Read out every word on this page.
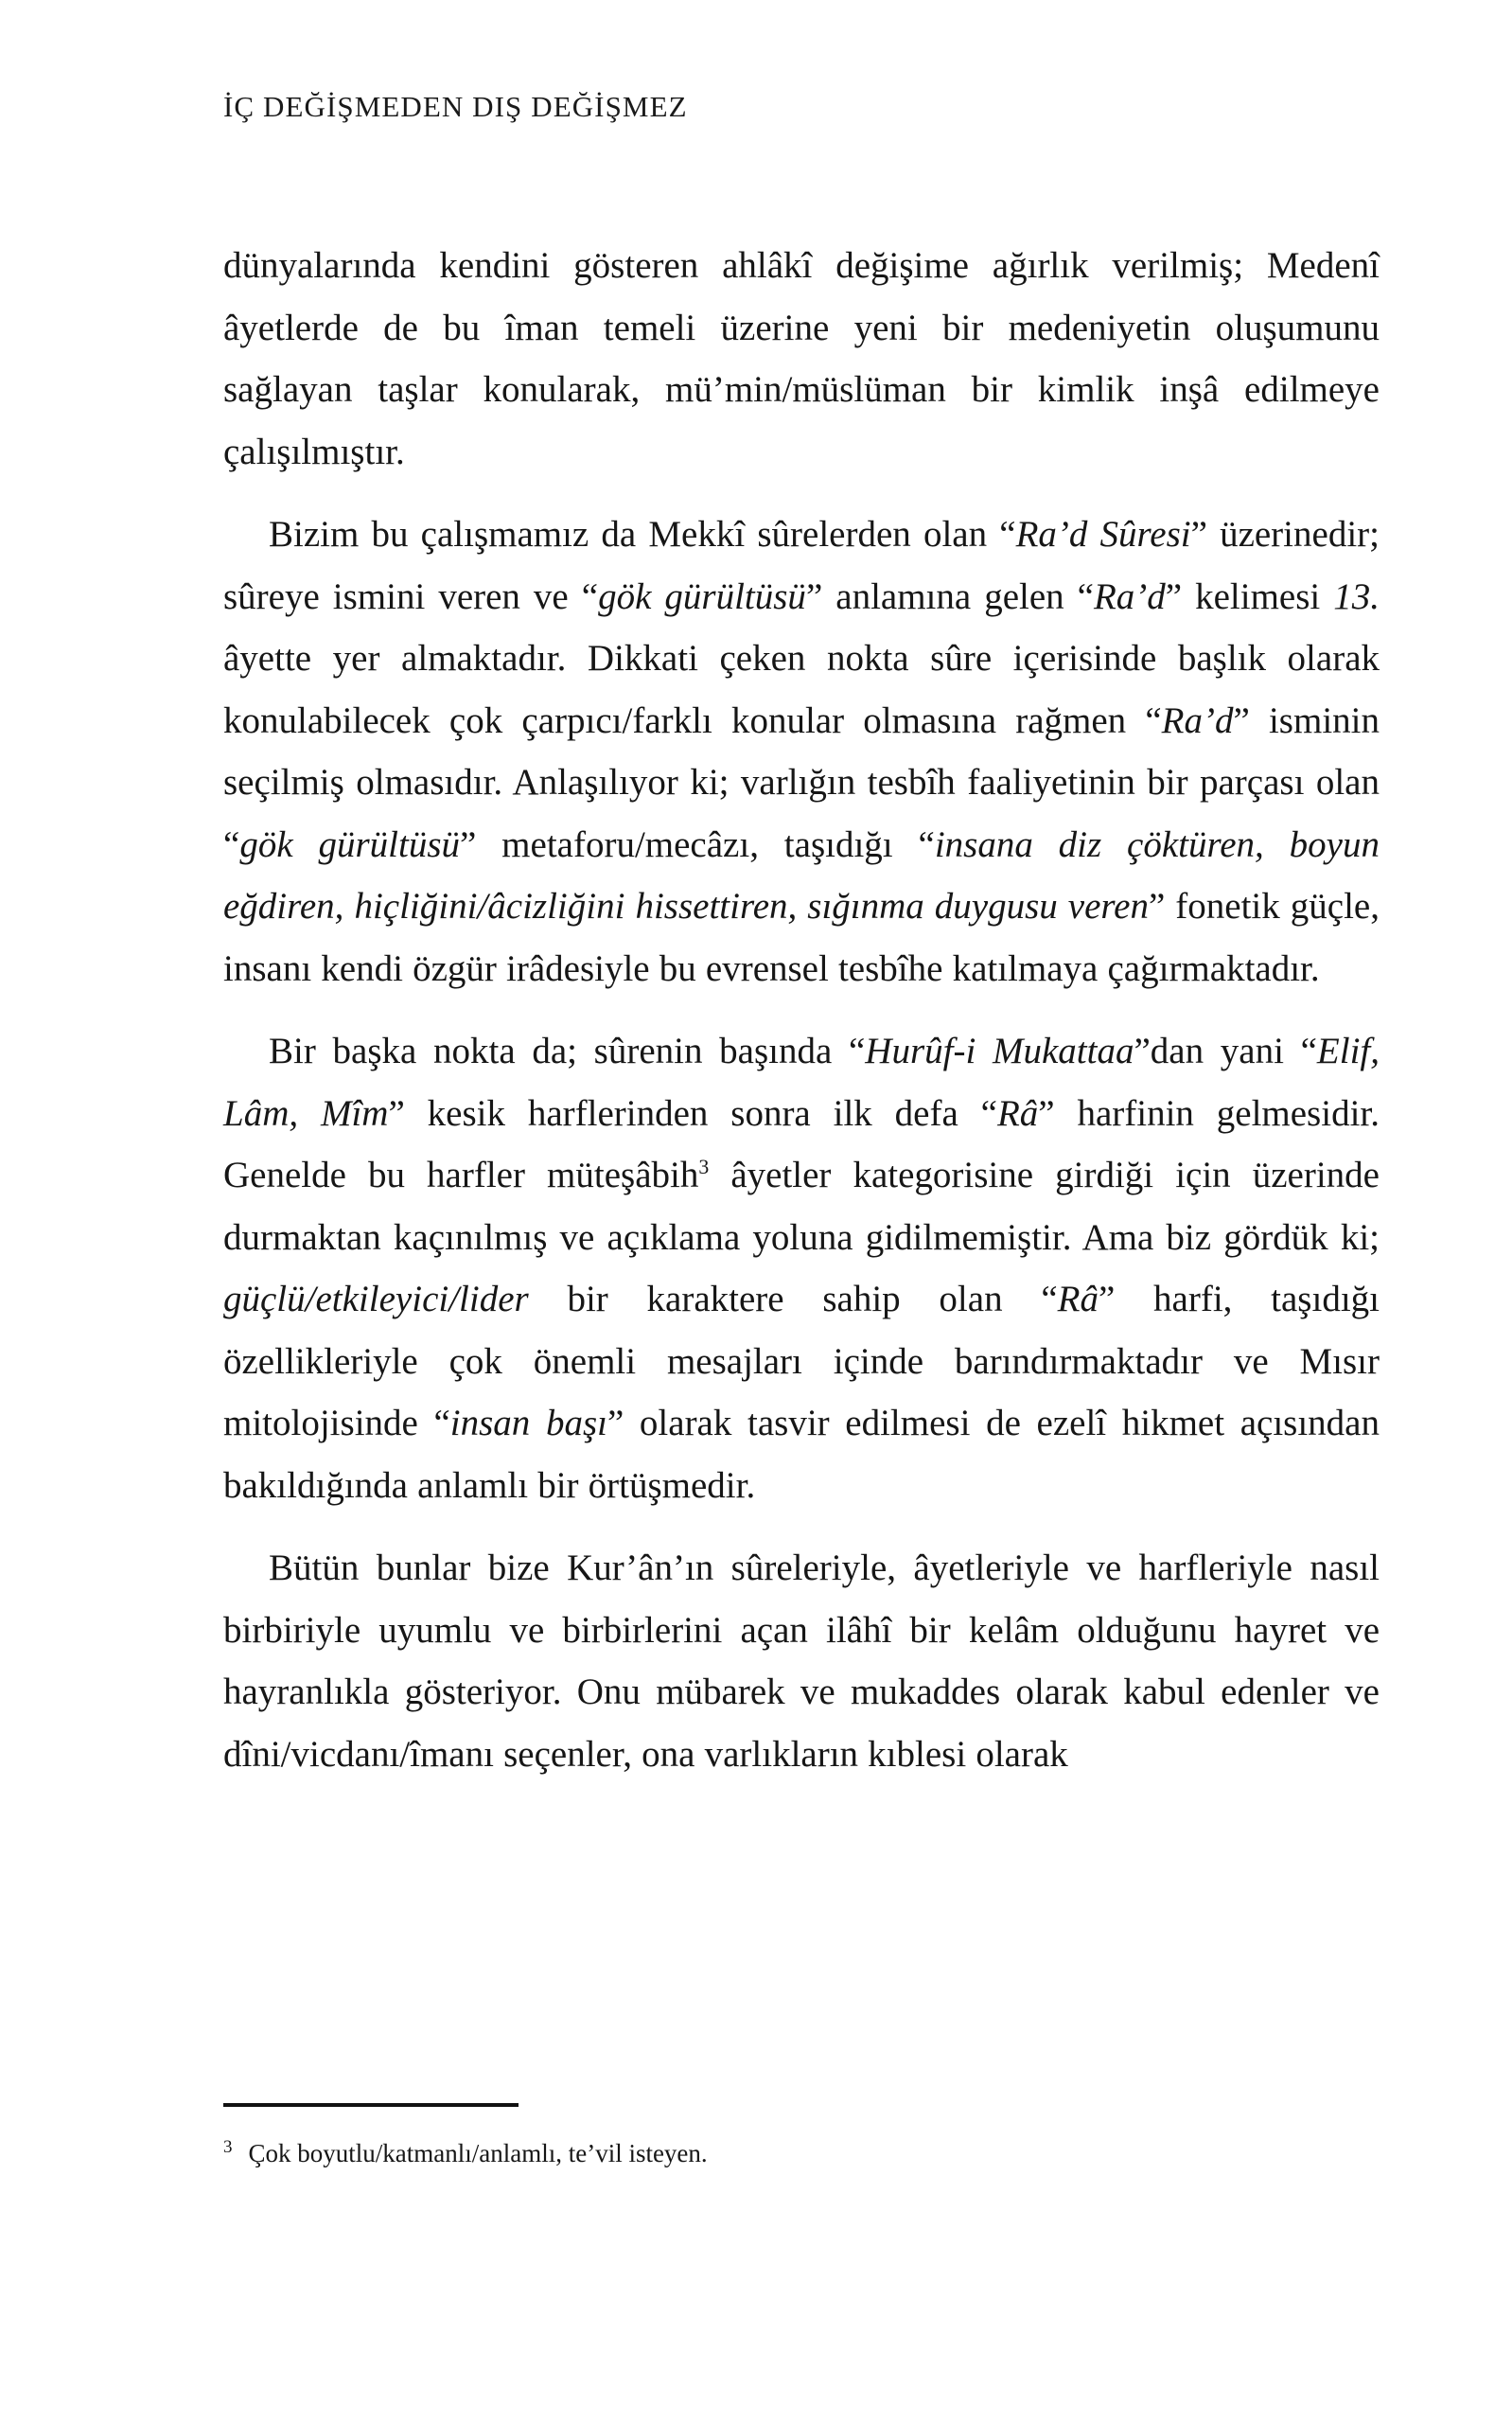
İÇ DEĞİŞMEDEN DIŞ DEĞİŞMEZ

dünyalarında kendini gösteren ahlâkî değişime ağırlık verilmiş; Medenî âyetlerde de bu îman temeli üzerine yeni bir medeniyetin oluşumunu sağlayan taşlar konularak, mü’min/müslüman bir kimlik inşâ edilmeye çalışılmıştır.

Bizim bu çalışmamız da Mekkî sûrelerden olan “Ra’d Sûresi” üzerinedir; sûreye ismini veren ve “gök gürültüsü” anlamına gelen “Ra’d” kelimesi 13. âyette yer almaktadır. Dikkati çeken nokta sûre içerisinde başlık olarak konulabilecek çok çarpıcı/farklı konular olmasına rağmen “Ra’d” isminin seçilmiş olmasıdır. Anlaşılıyor ki; varlığın tesbîh faaliyetinin bir parçası olan “gök gürültüsü” metaforu/mecâzı, taşıdığı “insana diz çöktüren, boyun eğdiren, hiçliğini/âcizliğini hissettiren, sığınma duygusu veren” fonetik güçle, insanı kendi özgür irâdesiyle bu evrensel tesbîhe katılmaya çağırmaktadır.

Bir başka nokta da; sûrenin başında “Hurûf-i Mukattaa”dan yani “Elif, Lâm, Mîm” kesik harflerinden sonra ilk defa “Râ” harfinin gelmesidir. Genelde bu harfler müteşâbih$^3$ âyetler kategorisine girdiği için üzerinde durmaktan kaçınılmış ve açıklama yoluna gidilmemiştir. Ama biz gördük ki; güçlü/etkileyici/lider bir karaktere sahip olan “Râ” harfi, taşıdığı özellikleriyle çok önemli mesajları içinde barındırmaktadır ve Mısır mitolojisinde “insan başı” olarak tasvir edilmesi de ezelî hikmet açısından bakıldığında anlamlı bir örtüşmedir.

Bütün bunlar bize Kur’ân’ın sûreleriyle, âyetleriyle ve harfleriyle nasıl birbiriyle uyumlu ve birbirlerini açan ilâhî bir kelâm olduğunu hayret ve hayranlıkla gösteriyor. Onu mübarek ve mukaddes olarak kabul edenler ve dîni/vicdanı/îmanı seçenler, ona varlıkların kıblesi olarak

$^3$ Çok boyutlu/katmanlı/anlamlı, te’vil isteyen.
